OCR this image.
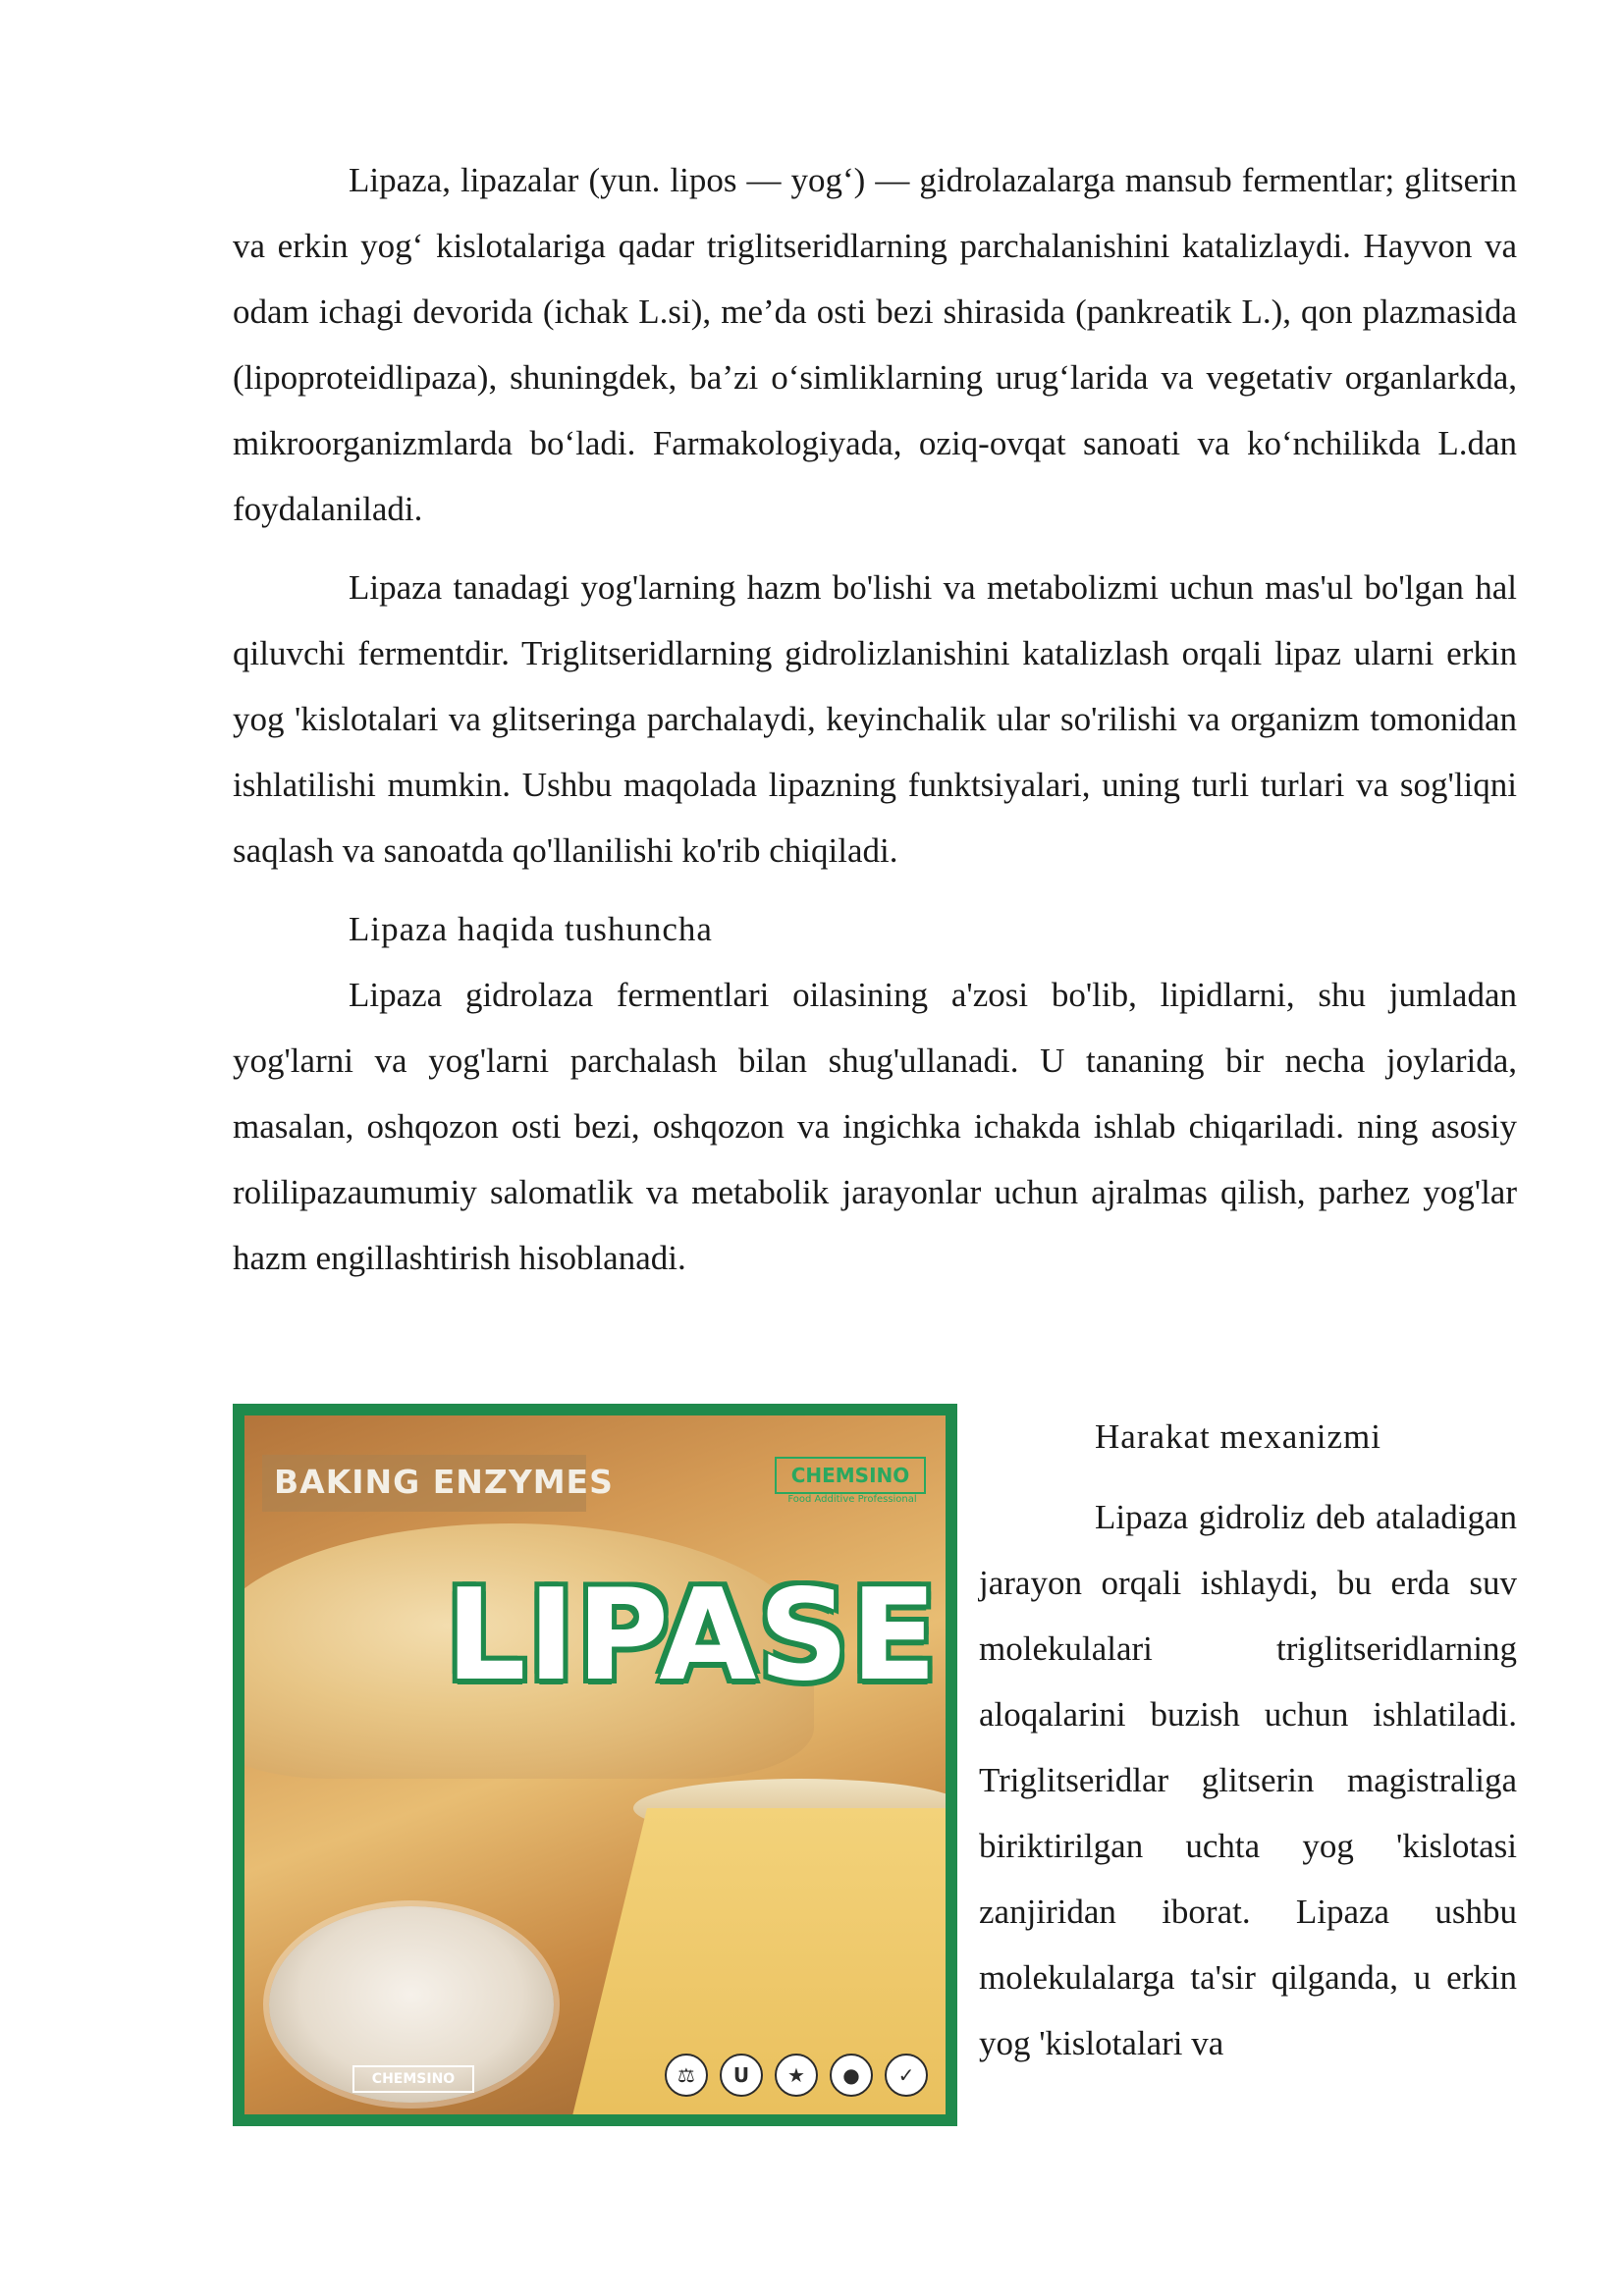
Lipaza, lipazalar (yun. lipos — yog‘) — gidrolazalarga mansub fermentlar; glitserin va erkin yog‘ kislotalariga qadar triglitseridlarning parchalanishini katalizlaydi. Hayvon va odam ichagi devorida (ichak L.si), me’da osti bezi shirasida (pankreatik L.), qon plazmasida (lipoproteidlipaza), shuningdek, ba’zi o‘simliklarning urug‘larida va vegetativ organlarkda, mikroorganizmlarda bo‘ladi. Farmakologiyada, oziq-ovqat sanoati va ko‘nchilikda L.dan foydalaniladi.

Lipaza tanadagi yog'larning hazm bo'lishi va metabolizmi uchun mas'ul bo'lgan hal qiluvchi fermentdir. Triglitseridlarning gidrolizlanishini katalizlash orqali lipaz ularni erkin yog 'kislotalari va glitseringa parchalaydi, keyinchalik ular so'rilishi va organizm tomonidan ishlatilishi mumkin. Ushbu maqolada lipazning funktsiyalari, uning turli turlari va sog'liqni saqlash va sanoatda qo'llanilishi ko'rib chiqiladi.

Lipaza haqida tushuncha

Lipaza gidrolaza fermentlari oilasining a'zosi bo'lib, lipidlarni, shu jumladan yog'larni va yog'larni parchalash bilan shug'ullanadi. U tananing bir necha joylarida, masalan, oshqozon osti bezi, oshqozon va ingichka ichakda ishlab chiqariladi. ning asosiy rolilipazaumumiy salomatlik va metabolik jarayonlar uchun ajralmas qilish, parhez yog'lar hazm engillashtirish hisoblanadi.

BAKING ENZYMES	CHEMSINO
Food Additive Professional
LIPASE
CHEMSINO	⚖	U	★	●	✓
Harakat mexanizmi

Lipaza gidroliz deb ataladigan jarayon orqali ishlaydi, bu erda suv molekulalari triglitseridlarning aloqalarini buzish uchun ishlatiladi. Triglitseridlar glitserin magistraliga biriktirilgan uchta yog 'kislotasi zanjiridan iborat. Lipaza ushbu molekulalarga ta'sir qilganda, u erkin yog 'kislotalari va
